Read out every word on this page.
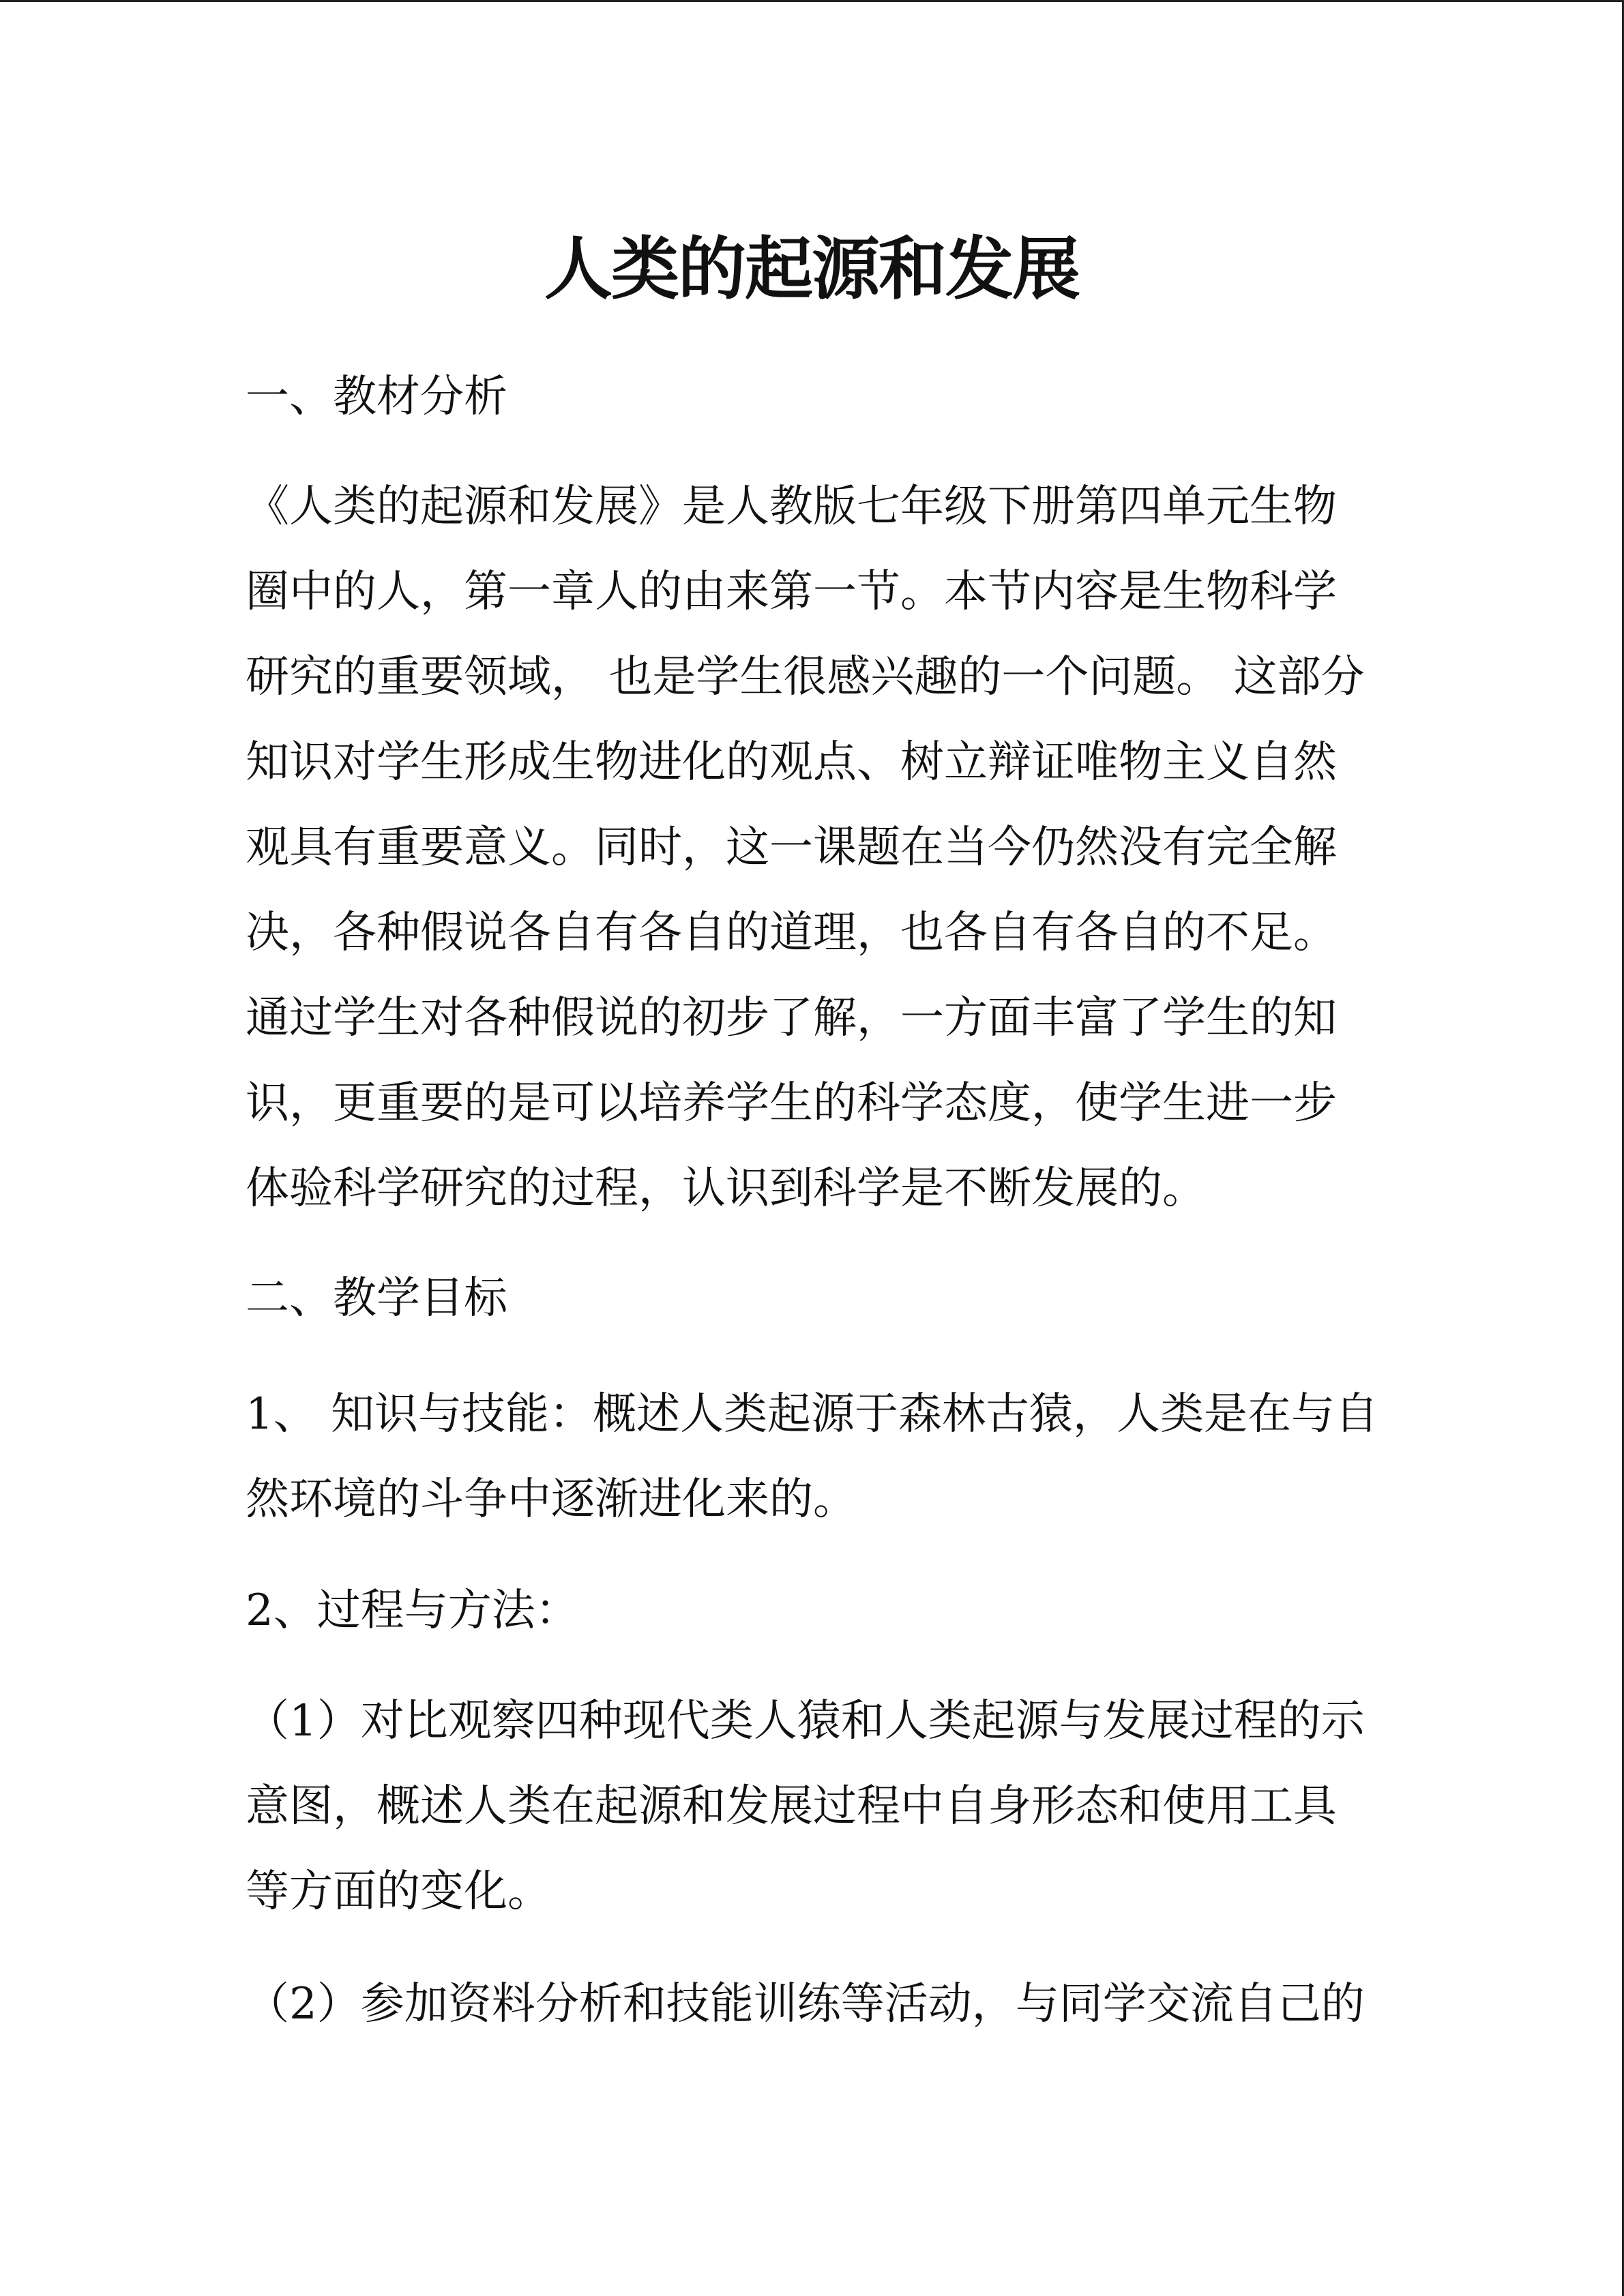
人类的起源和发展
一、教材分析
《人类的起源和发展》是人教版七年级下册第四单元生物
圈中的人，第一章人的由来第一节。本节内容是生物科学
研究的重要领域， 也是学生很感兴趣的一个问题。 这部分
知识对学生形成生物进化的观点、树立辩证唯物主义自然
观具有重要意义。同时，这一课题在当今仍然没有完全解
决，各种假说各自有各自的道理，也各自有各自的不足。
通过学生对各种假说的初步了解，一方面丰富了学生的知
识，更重要的是可以培养学生的科学态度，使学生进一步
体验科学研究的过程，认识到科学是不断发展的。
二、教学目标
1、 知识与技能：概述人类起源于森林古猿，人类是在与自
然环境的斗争中逐渐进化来的。
2、过程与方法：
（1）对比观察四种现代类人猿和人类起源与发展过程的示
意图，概述人类在起源和发展过程中自身形态和使用工具
等方面的变化。
（2）参加资料分析和技能训练等活动，与同学交流自己的
